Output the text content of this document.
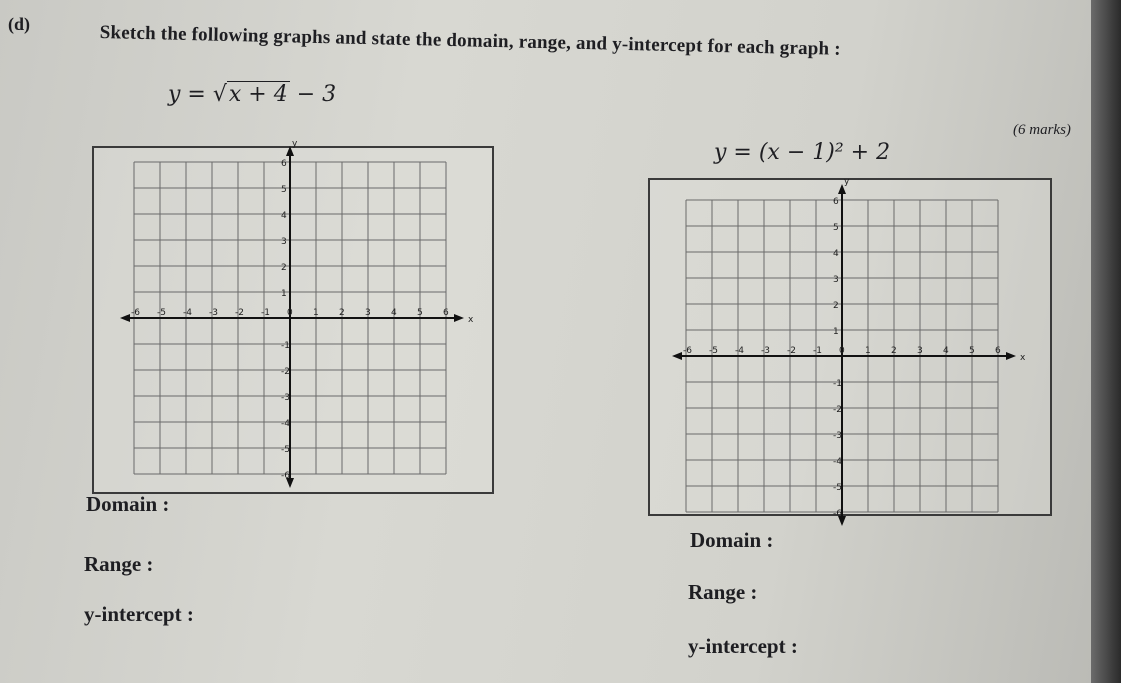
(d)	Sketch the following graphs and state the domain, range, and y-intercept for each graph :
(6 marks)
y = √x + 4 − 3
y = (x − 1)² + 2
-6 -5 -4 -3 -2 -1 0 1 2 3 4 5 6
6
5
4
3
2
1
-1
-2
-3
-4
-5
-6
x
y
-6 -5 -4 -3 -2 -1 0 1 2 3 4 5 6
6
5
4
3
2
1
-1
-2
-3
-4
-5
-6
x
y
Domain :
Range :
y-intercept :
Domain :
Range :
y-intercept :
